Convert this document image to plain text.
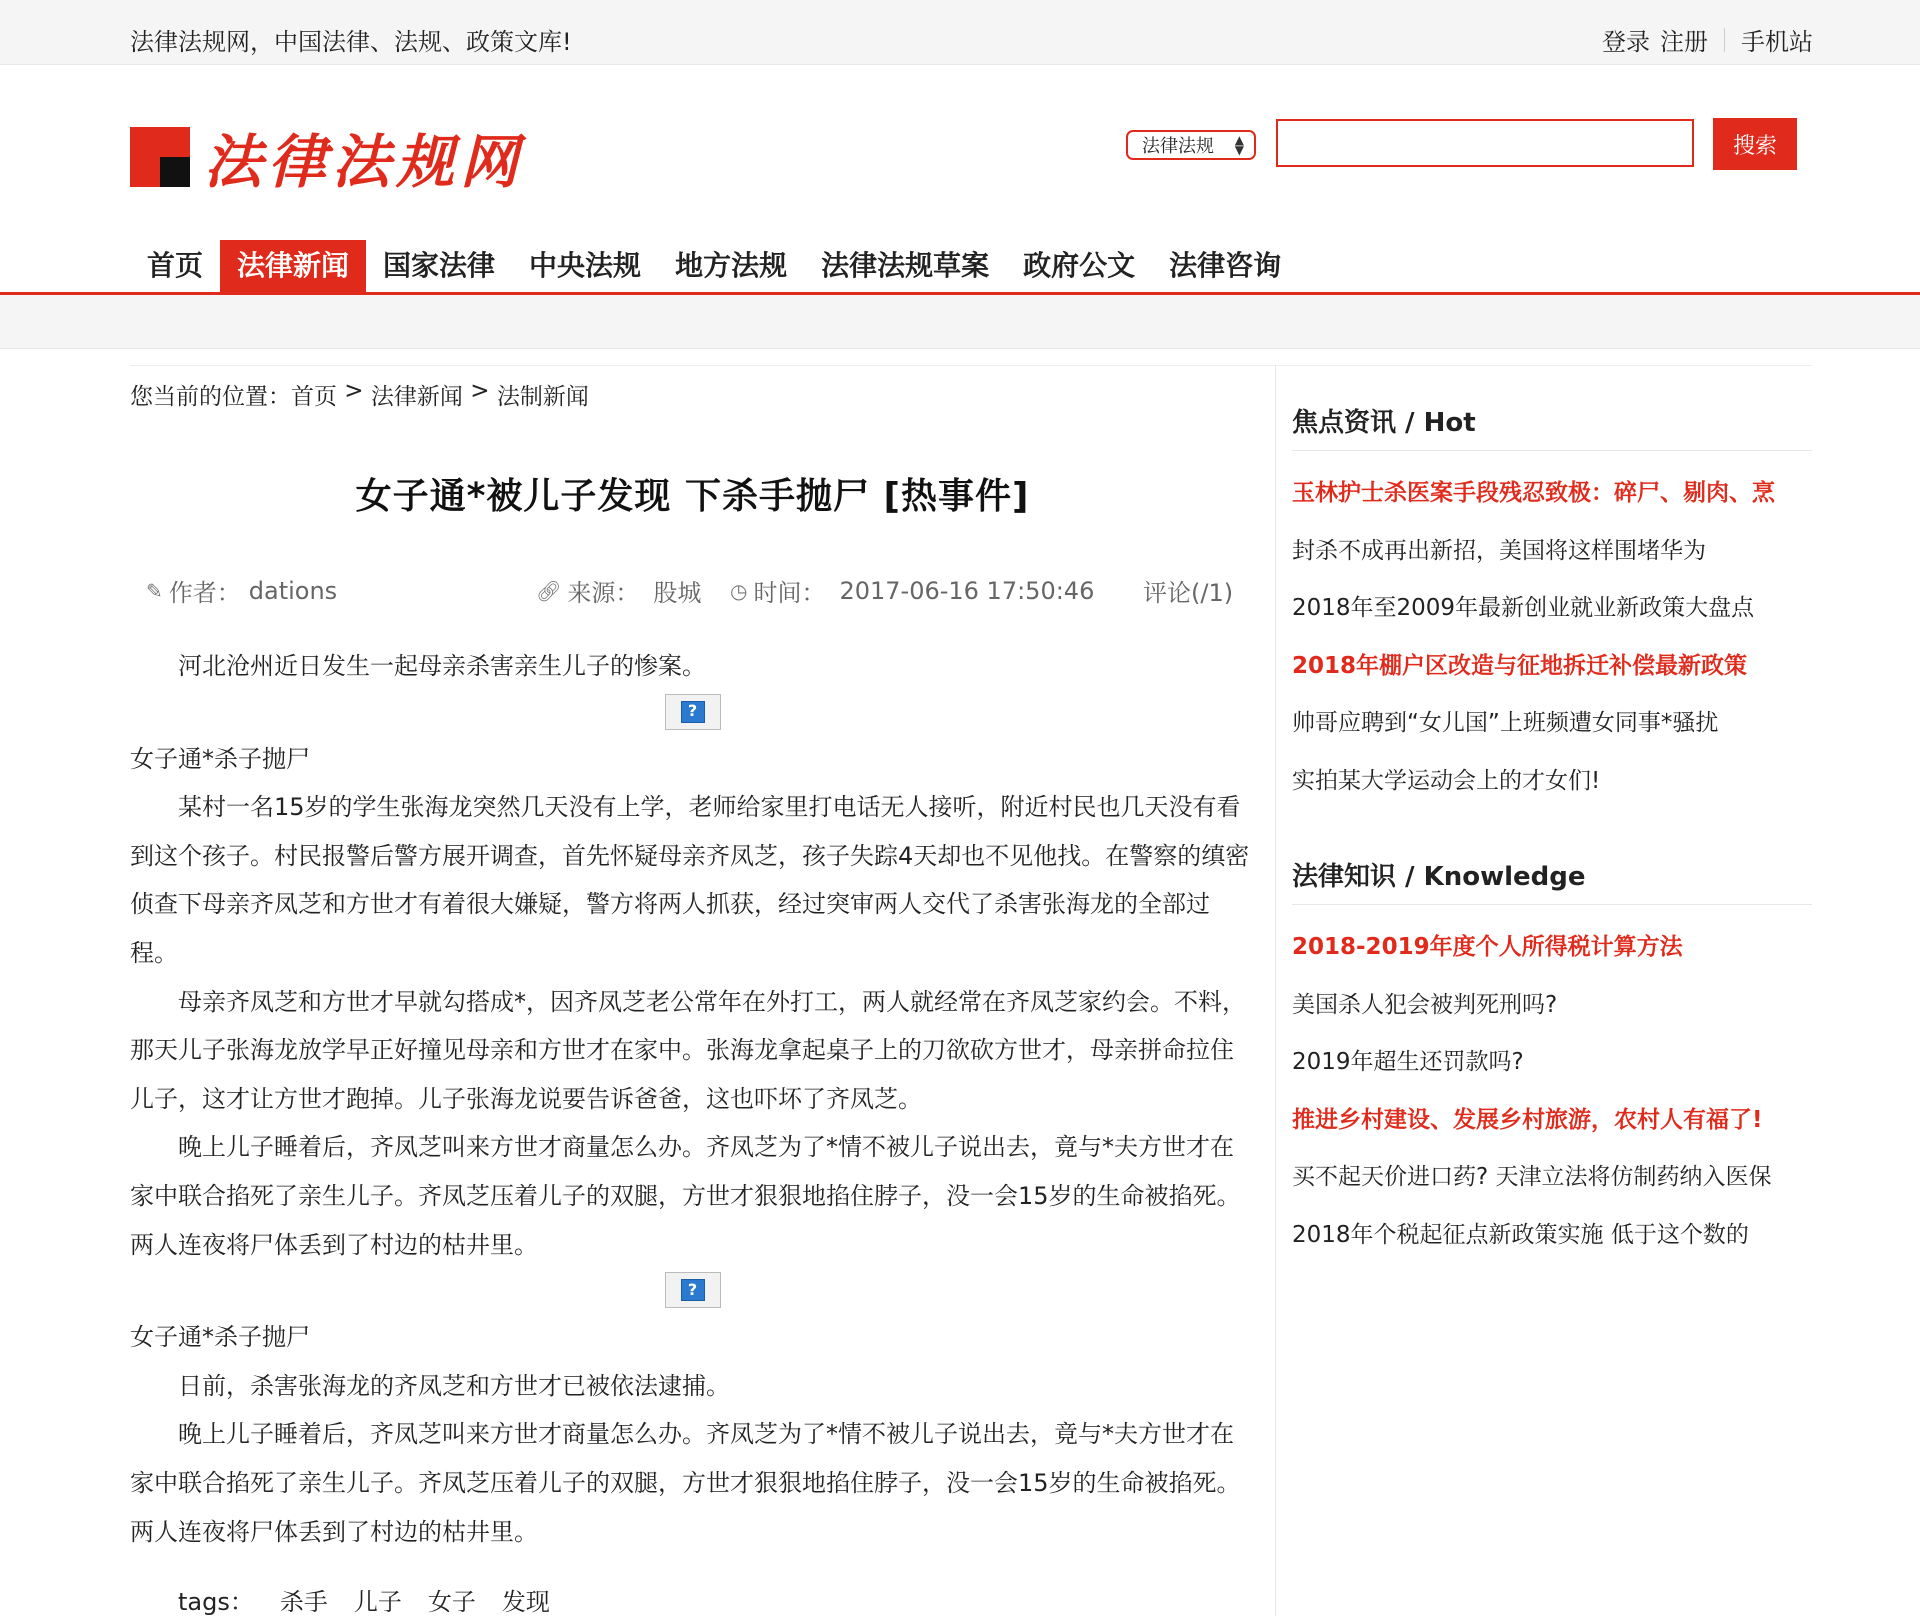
法律法规网，中国法律、法规、政策文库!	登录 注册 手机站
法律法规网	法律法规 ▲
▼	搜索
首页	法律新闻	国家法律	中央法规	地方法规	法律法规草案	政府公文	法律咨询
您当前的位置： 首页 > 法律新闻 > 法制新闻
女子通*被儿子发现 下杀手抛尸 [热事件]
✎ 作者： dations	🔗︎ 来源： 股城 ◷ 时间： 2017-06-16 17:50:46 评论(/1)

河北沧州近日发生一起母亲杀害亲生儿子的惨案。

?

女子通*杀子抛尸

某村一名15岁的学生张海龙突然几天没有上学，老师给家里打电话无人接听，附近村民也几天没有看到这个孩子。村民报警后警方展开调查，首先怀疑母亲齐凤芝，孩子失踪4天却也不见他找。在警察的缜密侦查下母亲齐凤芝和方世才有着很大嫌疑，警方将两人抓获，经过突审两人交代了杀害张海龙的全部过程。

母亲齐凤芝和方世才早就勾搭成*，因齐凤芝老公常年在外打工，两人就经常在齐凤芝家约会。不料，那天儿子张海龙放学早正好撞见母亲和方世才在家中。张海龙拿起桌子上的刀欲砍方世才，母亲拼命拉住儿子，这才让方世才跑掉。儿子张海龙说要告诉爸爸，这也吓坏了齐凤芝。

晚上儿子睡着后，齐凤芝叫来方世才商量怎么办。齐凤芝为了*情不被儿子说出去，竟与*夫方世才在家中联合掐死了亲生儿子。齐凤芝压着儿子的双腿，方世才狠狠地掐住脖子，没一会15岁的生命被掐死。两人连夜将尸体丢到了村边的枯井里。

?

女子通*杀子抛尸

日前，杀害张海龙的齐凤芝和方世才已被依法逮捕。

晚上儿子睡着后，齐凤芝叫来方世才商量怎么办。齐凤芝为了*情不被儿子说出去，竟与*夫方世才在家中联合掐死了亲生儿子。齐凤芝压着儿子的双腿，方世才狠狠地掐住脖子，没一会15岁的生命被掐死。两人连夜将尸体丢到了村边的枯井里。

tags： 杀手 儿子 女子 发现
焦点资讯 / Hot
玉林护士杀医案手段残忍致极：碎尸、剔肉、烹
封杀不成再出新招，美国将这样围堵华为
2018年至2009年最新创业就业新政策大盘点
2018年棚户区改造与征地拆迁补偿最新政策
帅哥应聘到“女儿国”上班频遭女同事*骚扰
实拍某大学运动会上的才女们!
法律知识 / Knowledge
2018-2019年度个人所得税计算方法
美国杀人犯会被判死刑吗?
2019年超生还罚款吗?
推进乡村建设、发展乡村旅游，农村人有福了!
买不起天价进口药? 天津立法将仿制药纳入医保
2018年个税起征点新政策实施 低于这个数的
